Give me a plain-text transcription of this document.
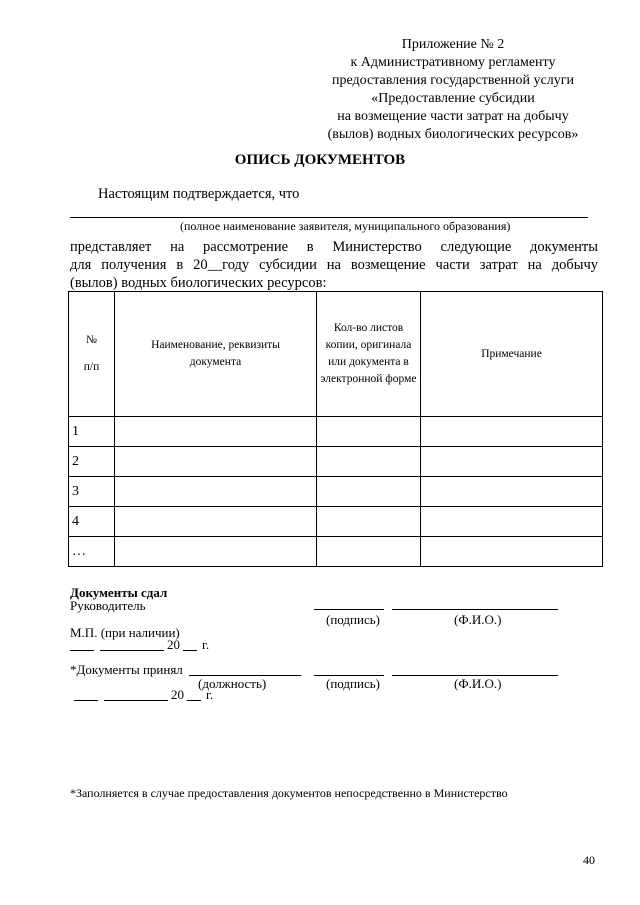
Приложение № 2
к Административному регламенту
предоставления государственной услуги
«Предоставление субсидии
на возмещение части затрат на добычу
(вылов) водных биологических ресурсов»
ОПИСЬ ДОКУМЕНТОВ
Настоящим подтверждается, что
(полное наименование заявителя, муниципального образования)
представляет на рассмотрение в Министерство следующие документы
для получения в 20__году субсидии на возмещение части затрат на добычу
(вылов) водных биологических ресурсов:
№
п/п	Наименование, реквизиты документа	Кол-во листов копии, оригинала или документа в электронной форме	Примечание
1			
2			
3			
4			
…			
Документы сдал
Руководитель
(подпись)	(Ф.И.О.)
М.П. (при наличии)
20 г.
*Документы принял
(должность)	(подпись)	(Ф.И.О.)
20 г.
*Заполняется в случае предоставления документов непосредственно в Министерство
40
